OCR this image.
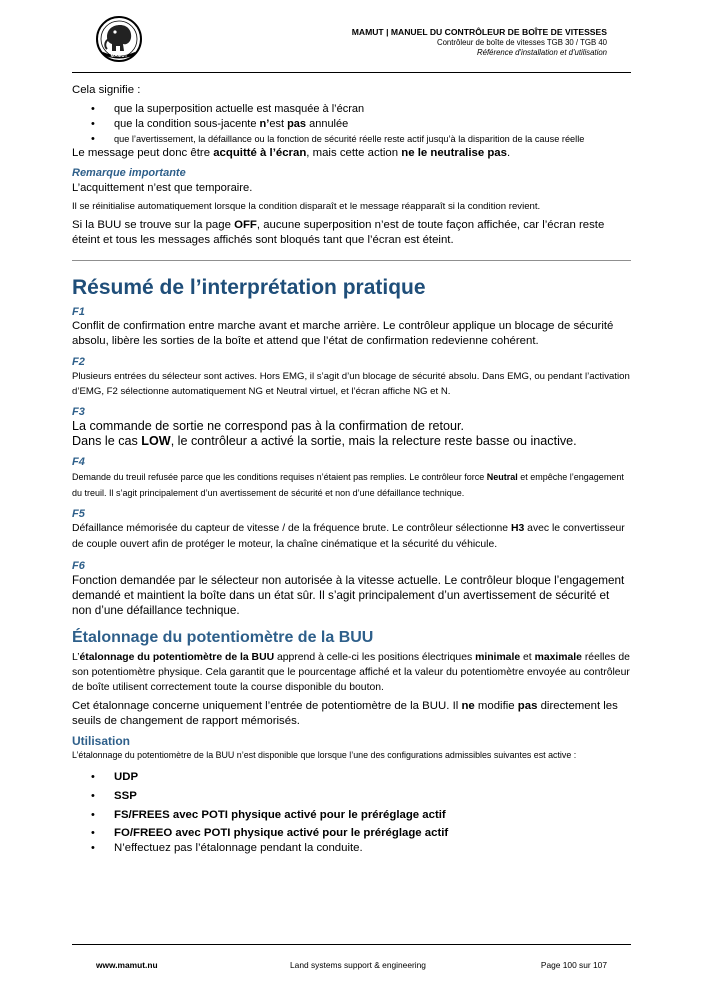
MAMUT
MAMUT | MANUEL DU CONTRÔLEUR DE BOÎTE DE VITESSES
Contrôleur de boîte de vitesses TGB 30 / TGB 40
Référence d'installation et d'utilisation

Cela signifie :

• que la superposition actuelle est masquée à l’écran
• que la condition sous-jacente n’est pas annulée
• que l’avertissement, la défaillance ou la fonction de sécurité réelle reste actif jusqu’à la disparition de la cause réelle

Le message peut donc être acquitté à l’écran, mais cette action ne le neutralise pas.

Remarque importante

L’acquittement n’est que temporaire.

Il se réinitialise automatiquement lorsque la condition disparaît et le message réapparaît si la condition revient.

Si la BUU se trouve sur la page OFF, aucune superposition n’est de toute façon affichée, car l’écran reste éteint et tous les messages affichés sont bloqués tant que l’écran est éteint.

Résumé de l’interprétation pratique
F1

Conflit de confirmation entre marche avant et marche arrière. Le contrôleur applique un blocage de sécurité absolu, libère les sorties de la boîte et attend que l’état de confirmation redevienne cohérent.

F2

Plusieurs entrées du sélecteur sont actives. Hors EMG, il s’agit d’un blocage de sécurité absolu. Dans EMG, ou pendant l’activation d’EMG, F2 sélectionne automatiquement NG et Neutral virtuel, et l’écran affiche NG et N.

F3

La commande de sortie ne correspond pas à la confirmation de retour.

Dans le cas LOW, le contrôleur a activé la sortie, mais la relecture reste basse ou inactive.

F4

Demande du treuil refusée parce que les conditions requises n’étaient pas remplies. Le contrôleur force Neutral et empêche l’engagement du treuil. Il s’agit principalement d’un avertissement de sécurité et non d’une défaillance technique.

F5

Défaillance mémorisée du capteur de vitesse / de la fréquence brute. Le contrôleur sélectionne H3 avec le convertisseur de couple ouvert afin de protéger le moteur, la chaîne cinématique et la sécurité du véhicule.

F6

Fonction demandée par le sélecteur non autorisée à la vitesse actuelle. Le contrôleur bloque l’engagement demandé et maintient la boîte dans un état sûr. Il s’agit principalement d’un avertissement de sécurité et non d’une défaillance technique.

Étalonnage du potentiomètre de la BUU

L’étalonnage du potentiomètre de la BUU apprend à celle-ci les positions électriques minimale et maximale réelles de son potentiomètre physique. Cela garantit que le pourcentage affiché et la valeur du potentiomètre envoyée au contrôleur de boîte utilisent correctement toute la course disponible du bouton.

Cet étalonnage concerne uniquement l’entrée de potentiomètre de la BUU. Il ne modifie pas directement les seuils de changement de rapport mémorisés.

Utilisation

L’étalonnage du potentiomètre de la BUU n’est disponible que lorsque l’une des configurations admissibles suivantes est active :

• UDP
• SSP
• FS/FREES avec POTI physique activé pour le préréglage actif
• FO/FREEO avec POTI physique activé pour le préréglage actif
• N’effectuez pas l’étalonnage pendant la conduite.
www.mamut.nu	Land systems support & engineering	Page 100 sur 107
